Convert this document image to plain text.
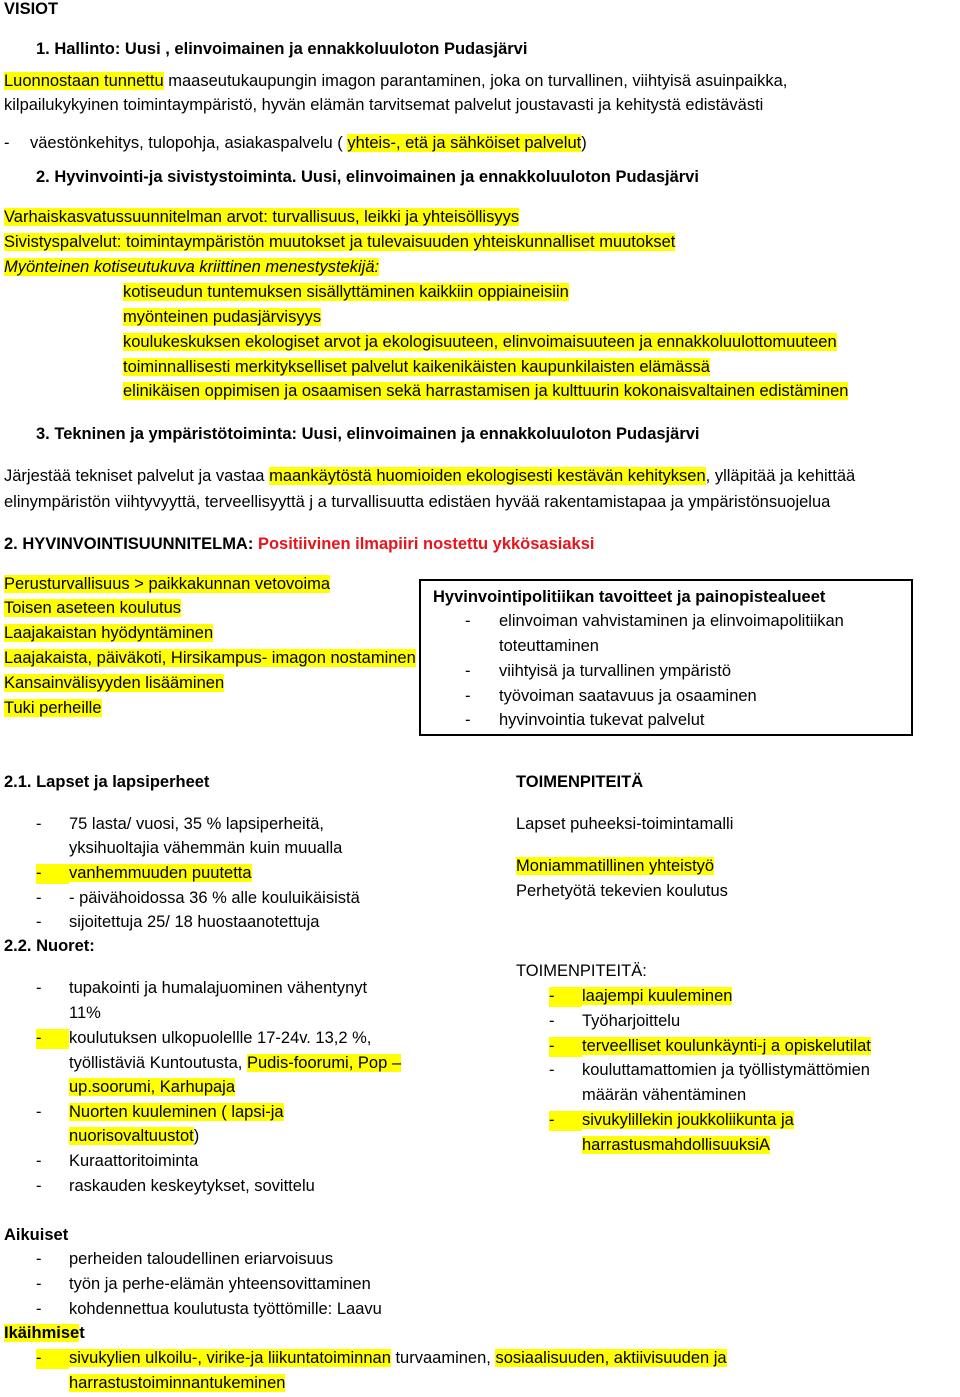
VISIOT
1. Hallinto: Uusi , elinvoimainen ja ennakkoluuloton Pudasjärvi
Luonnostaan tunnettu maaseutukaupungin imagon parantaminen, joka on turvallinen, viihtyisä asuinpaikka,
kilpailukykyinen toimintaympäristö, hyvän elämän tarvitsemat palvelut joustavasti ja kehitystä edistävästi
- väestönkehitys, tulopohja, asiakaspalvelu ( yhteis-, etä ja sähköiset palvelut)
2. Hyvinvointi-ja sivistystoiminta. Uusi, elinvoimainen ja ennakkoluuloton Pudasjärvi
Varhaiskasvatussuunnitelman arvot: turvallisuus, leikki ja yhteisöllisyys
Sivistyspalvelut: toimintaympäristön muutokset ja tulevaisuuden yhteiskunnalliset muutokset
Myönteinen kotiseutukuva kriittinen menestystekijä:
kotiseudun tuntemuksen sisällyttäminen kaikkiin oppiaineisiin
myönteinen pudasjärvisyys
koulukeskuksen ekologiset arvot ja ekologisuuteen, elinvoimaisuuteen ja ennakkoluulottomuuteen
toiminnallisesti merkitykselliset palvelut kaikenikäisten kaupunkilaisten elämässä
elinikäisen oppimisen ja osaamisen sekä harrastamisen ja kulttuurin kokonaisvaltainen edistäminen
3. Tekninen ja ympäristötoiminta: Uusi, elinvoimainen ja ennakkoluuloton Pudasjärvi
Järjestää tekniset palvelut ja vastaa maankäytöstä huomioiden ekologisesti kestävän kehityksen, ylläpitää ja kehittää
elinympäristön viihtyvyyttä, terveellisyyttä j a turvallisuutta edistäen hyvää rakentamistapaa ja ympäristönsuojelua
2. HYVINVOINTISUUNNITELMA: Positiivinen ilmapiiri nostettu ykkösasiaksi
Perusturvallisuus > paikkakunnan vetovoima
Toisen aseteen koulutus
Laajakaistan hyödyntäminen
Laajakaista, päiväkoti, Hirsikampus- imagon nostaminen
Kansainvälisyyden lisääminen
Tuki perheille
Hyvinvointipolitiikan tavoitteet ja painopistealueet
- elinvoiman vahvistaminen ja elinvoimapolitiikan
toteuttaminen
- viihtyisä ja turvallinen ympäristö
- työvoiman saatavuus ja osaaminen
- hyvinvointia tukevat palvelut
2.1. Lapset ja lapsiperheet
- 75 lasta/ vuosi, 35 % lapsiperheitä,
yksihuoltajia vähemmän kuin muualla
-	vanhemmuuden puutetta
- - päivähoidossa 36 % alle kouluikäisistä
- sijoitettuja 25/ 18 huostaanotettuja
2.2. Nuoret:
- tupakointi ja humalajuominen vähentynyt
11%
-	koulutuksen ulkopuolellle 17-24v. 13,2 %,
työllistäviä Kuntoutusta, Pudis-foorumi, Pop –
up.soorumi, Karhupaja
- Nuorten kuuleminen ( lapsi-ja
nuorisovaltuustot)
- Kuraattoritoiminta
- raskauden keskeytykset, sovittelu
TOIMENPITEITÄ
Lapset puheeksi-toimintamalli
Moniammatillinen yhteistyö
Perhetyötä tekevien koulutus
TOIMENPITEITÄ:
-	laajempi kuuleminen
- Työharjoittelu
-	terveelliset koulunkäynti-j a opiskelutilat
- kouluttamattomien ja työllistymättömien
määrän vähentäminen
-	sivukylillekin joukkoliikunta ja
harrastusmahdollisuuksiA
Aikuiset
- perheiden taloudellinen eriarvoisuus
- työn ja perhe-elämän yhteensovittaminen
- kohdennettua koulutusta työttömille: Laavu
Ikäihmiset
-	sivukylien ulkoilu-, virike-ja liikuntatoiminnan turvaaminen, sosiaalisuuden, aktiivisuuden ja
harrastustoiminnantukeminen
